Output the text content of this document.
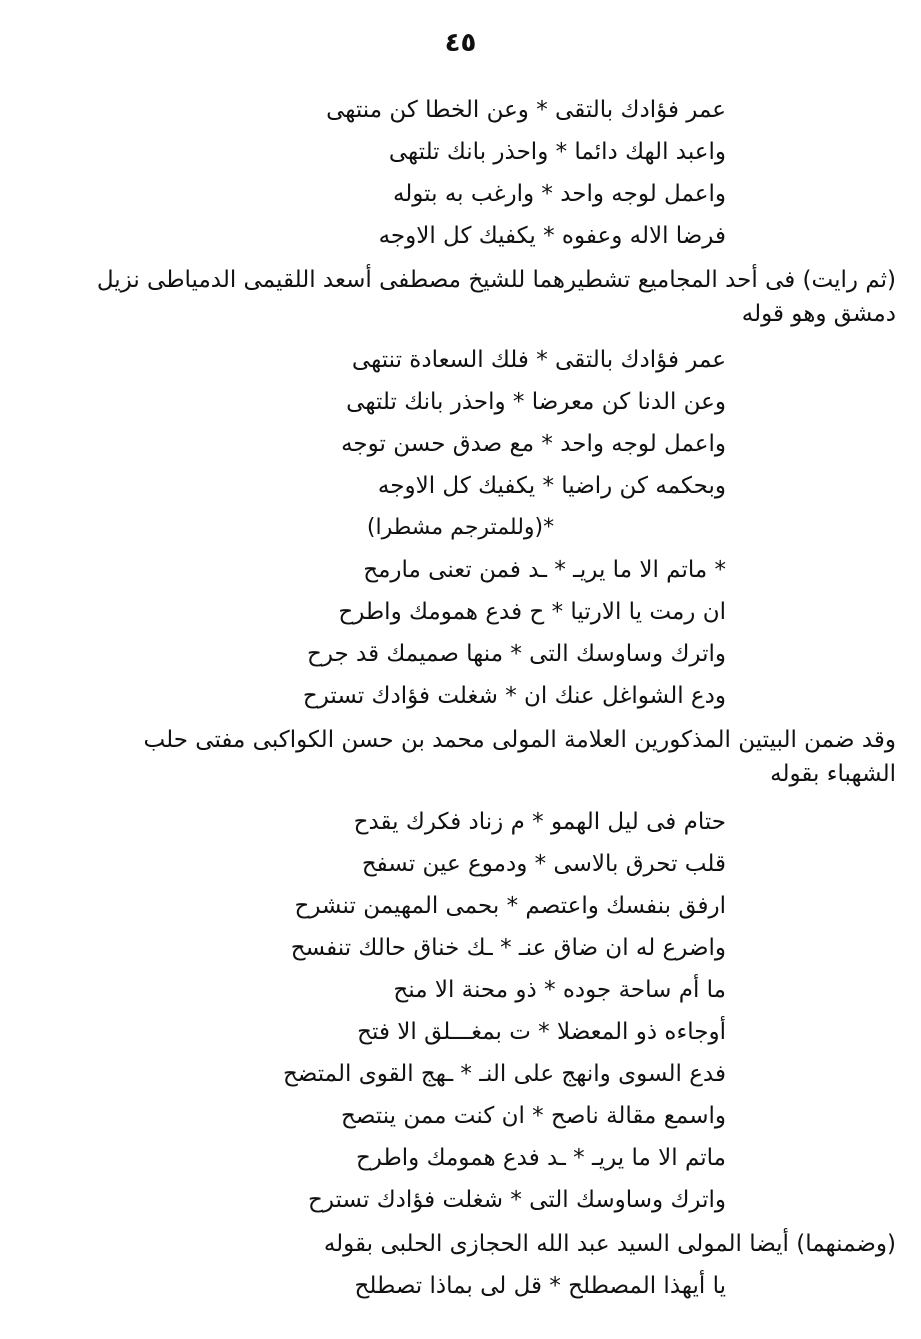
٤٥
عمر فؤادك بالتقى * وعن الخطا كن منتهى
واعبد الهك دائما * واحذر بانك تلتهى
واعمل لوجه واحد * وارغب به بتوله
فرضا الاله وعفوه * يكفيك كل الاوجه
(ثم رايت) فى أحد المجاميع تشطيرهما للشيخ مصطفى أسعد اللقيمى الدمياطى نزيل
دمشق وهو قوله
عمر فؤادك بالتقى * فلك السعادة تنتهى
وعن الدنا كن معرضا * واحذر بانك تلتهى
واعمل لوجه واحد * مع صدق حسن توجه
وبحكمه كن راضيا * يكفيك كل الاوجه
*(وللمترجم مشطرا)
* ماتم الا ما يريـ * ـد فمن تعنى مارمح
ان رمت يا الارتيا * ح فدع همومك واطرح
واترك وساوسك التى * منها صميمك قد جرح
ودع الشواغل عنك ان * شغلت فؤادك تسترح
وقد ضمن البيتين المذكورين العلامة المولى محمد بن حسن الكواكبى مفتى حلب
الشهباء بقوله
حتام فى ليل الهمو * م زناد فكرك يقدح
قلب تحرق بالاسى * ودموع عين تسفح
ارفق بنفسك واعتصم * بحمى المهيمن تنشرح
واضرع له ان ضاق عنـ * ـك خناق حالك تنفسح
ما أم ساحة جوده * ذو محنة الا منح
أوجاءه ذو المعضلا * ت بمغـــلق الا فتح
فدع السوى وانهج على النـ * ـهج القوى المتضح
واسمع مقالة ناصح * ان كنت ممن ينتصح
ماتم الا ما يريـ * ـد فدع همومك واطرح
واترك وساوسك التى * شغلت فؤادك تسترح
(وضمنهما) أيضا المولى السيد عبد الله الحجازى الحلبى بقوله
يا أيهذا المصطلح * قل لى بماذا تصطلح
